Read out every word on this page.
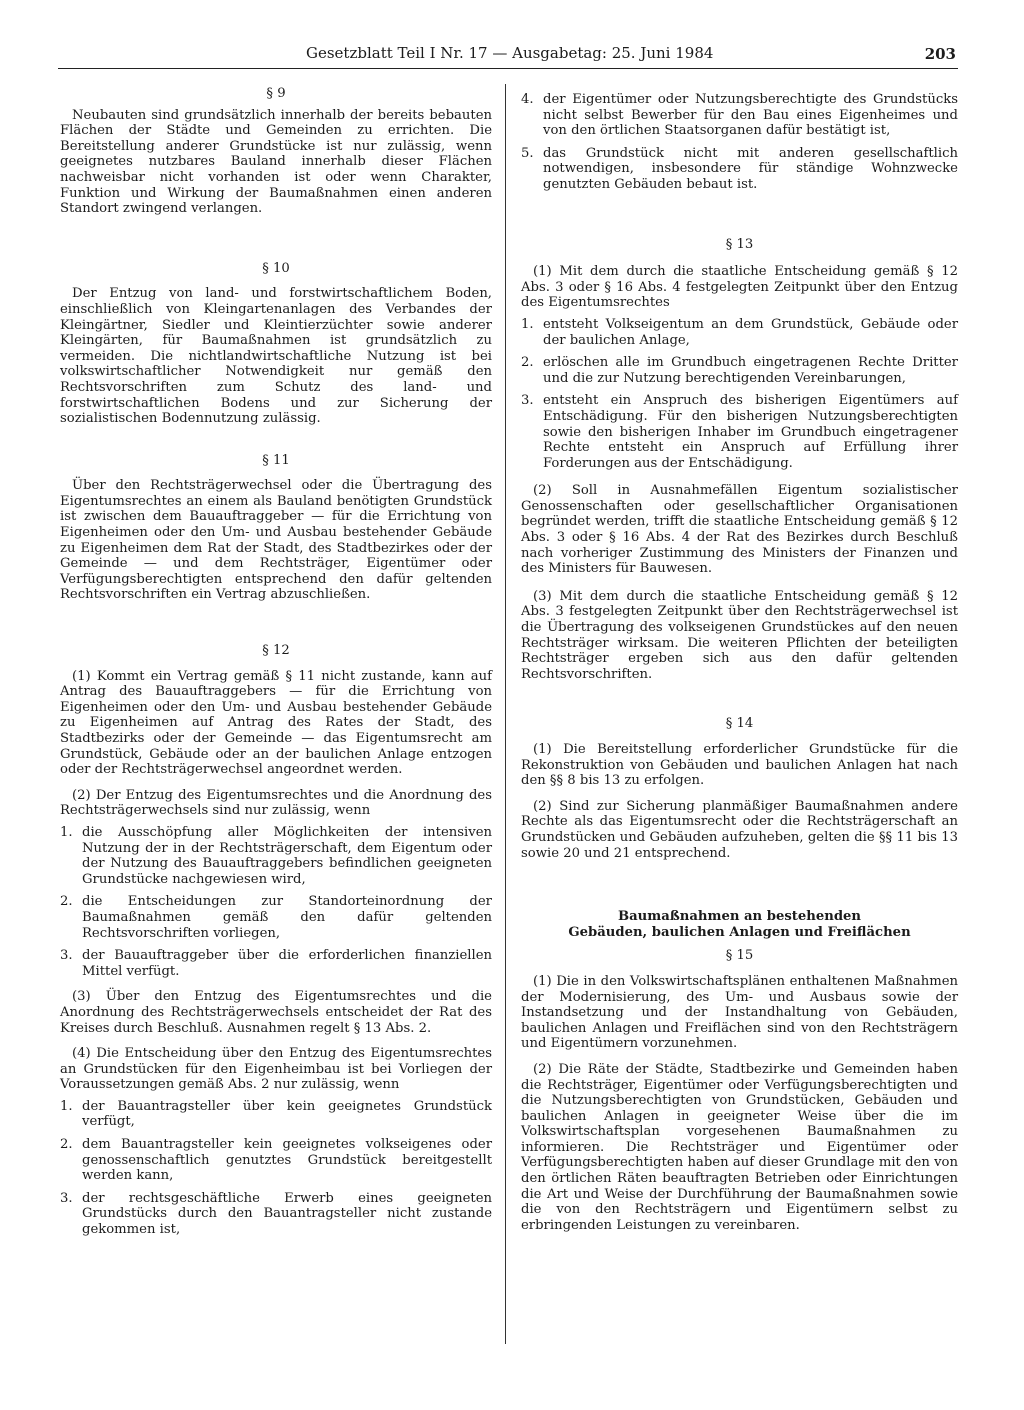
Gesetzblatt Teil I Nr. 17 — Ausgabetag: 25. Juni 1984	203
§ 9

Neubauten sind grundsätzlich innerhalb der bereits bebauten Flächen der Städte und Gemeinden zu errichten. Die Bereitstellung anderer Grundstücke ist nur zulässig, wenn geeignetes nutzbares Bauland innerhalb dieser Flächen nachweisbar nicht vorhanden ist oder wenn Charakter, Funktion und Wirkung der Baumaßnahmen einen anderen Standort zwingend verlangen.

§ 10

Der Entzug von land- und forstwirtschaftlichem Boden, einschließlich von Kleingartenanlagen des Verbandes der Kleingärtner, Siedler und Kleintierzüchter sowie anderer Kleingärten, für Baumaßnahmen ist grundsätzlich zu vermeiden. Die nichtlandwirtschaftliche Nutzung ist bei volkswirtschaftlicher Notwendigkeit nur gemäß den Rechtsvorschriften zum Schutz des land- und forstwirtschaftlichen Bodens und zur Sicherung der sozialistischen Bodennutzung zulässig.

§ 11

Über den Rechtsträgerwechsel oder die Übertragung des Eigentumsrechtes an einem als Bauland benötigten Grundstück ist zwischen dem Bauauftraggeber — für die Errichtung von Eigenheimen oder den Um- und Ausbau bestehender Gebäude zu Eigenheimen dem Rat der Stadt, des Stadtbezirkes oder der Gemeinde — und dem Rechtsträger, Eigentümer oder Verfügungsberechtigten entsprechend den dafür geltenden Rechtsvorschriften ein Vertrag abzuschließen.

§ 12

(1) Kommt ein Vertrag gemäß § 11 nicht zustande, kann auf Antrag des Bauauftraggebers — für die Errichtung von Eigenheimen oder den Um- und Ausbau bestehender Gebäude zu Eigenheimen auf Antrag des Rates der Stadt, des Stadtbezirks oder der Gemeinde — das Eigentumsrecht am Grundstück, Gebäude oder an der baulichen Anlage entzogen oder der Rechtsträgerwechsel angeordnet werden.

(2) Der Entzug des Eigentumsrechtes und die Anordnung des Rechtsträgerwechsels sind nur zulässig, wenn

1. die Ausschöpfung aller Möglichkeiten der intensiven Nutzung der in der Rechtsträgerschaft, dem Eigentum oder der Nutzung des Bauauftraggebers befindlichen geeigneten Grundstücke nachgewiesen wird,
2. die Entscheidungen zur Standorteinordnung der Baumaßnahmen gemäß den dafür geltenden Rechtsvorschriften vorliegen,
3. der Bauauftraggeber über die erforderlichen finanziellen Mittel verfügt.

(3) Über den Entzug des Eigentumsrechtes und die Anordnung des Rechtsträgerwechsels entscheidet der Rat des Kreises durch Beschluß. Ausnahmen regelt § 13 Abs. 2.

(4) Die Entscheidung über den Entzug des Eigentumsrechtes an Grundstücken für den Eigenheimbau ist bei Vorliegen der Voraussetzungen gemäß Abs. 2 nur zulässig, wenn

1. der Bauantragsteller über kein geeignetes Grundstück verfügt,
2. dem Bauantragsteller kein geeignetes volkseigenes oder genossenschaftlich genutztes Grundstück bereitgestellt werden kann,
3. der rechtsgeschäftliche Erwerb eines geeigneten Grundstücks durch den Bauantragsteller nicht zustande gekommen ist,
4. der Eigentümer oder Nutzungsberechtigte des Grundstücks nicht selbst Bewerber für den Bau eines Eigenheimes und von den örtlichen Staatsorganen dafür bestätigt ist,
5. das Grundstück nicht mit anderen gesellschaftlich notwendigen, insbesondere für ständige Wohnzwecke genutzten Gebäuden bebaut ist.
§ 13

(1) Mit dem durch die staatliche Entscheidung gemäß § 12 Abs. 3 oder § 16 Abs. 4 festgelegten Zeitpunkt über den Entzug des Eigentumsrechtes

1. entsteht Volkseigentum an dem Grundstück, Gebäude oder der baulichen Anlage,
2. erlöschen alle im Grundbuch eingetragenen Rechte Dritter und die zur Nutzung berechtigenden Vereinbarungen,
3. entsteht ein Anspruch des bisherigen Eigentümers auf Entschädigung. Für den bisherigen Nutzungsberechtigten sowie den bisherigen Inhaber im Grundbuch eingetragener Rechte entsteht ein Anspruch auf Erfüllung ihrer Forderungen aus der Entschädigung.

(2) Soll in Ausnahmefällen Eigentum sozialistischer Genossenschaften oder gesellschaftlicher Organisationen begründet werden, trifft die staatliche Entscheidung gemäß § 12 Abs. 3 oder § 16 Abs. 4 der Rat des Bezirkes durch Beschluß nach vorheriger Zustimmung des Ministers der Finanzen und des Ministers für Bauwesen.

(3) Mit dem durch die staatliche Entscheidung gemäß § 12 Abs. 3 festgelegten Zeitpunkt über den Rechtsträgerwechsel ist die Übertragung des volkseigenen Grundstückes auf den neuen Rechtsträger wirksam. Die weiteren Pflichten der beteiligten Rechtsträger ergeben sich aus den dafür geltenden Rechtsvorschriften.

§ 14

(1) Die Bereitstellung erforderlicher Grundstücke für die Rekonstruktion von Gebäuden und baulichen Anlagen hat nach den §§ 8 bis 13 zu erfolgen.

(2) Sind zur Sicherung planmäßiger Baumaßnahmen andere Rechte als das Eigentumsrecht oder die Rechtsträgerschaft an Grundstücken und Gebäuden aufzuheben, gelten die §§ 11 bis 13 sowie 20 und 21 entsprechend.

Baumaßnahmen an bestehenden
Gebäuden, baulichen Anlagen und Freiflächen
§ 15

(1) Die in den Volkswirtschaftsplänen enthaltenen Maßnahmen der Modernisierung, des Um- und Ausbaus sowie der Instandsetzung und der Instandhaltung von Gebäuden, baulichen Anlagen und Freiflächen sind von den Rechtsträgern und Eigentümern vorzunehmen.

(2) Die Räte der Städte, Stadtbezirke und Gemeinden haben die Rechtsträger, Eigentümer oder Verfügungsberechtigten und die Nutzungsberechtigten von Grundstücken, Gebäuden und baulichen Anlagen in geeigneter Weise über die im Volkswirtschaftsplan vorgesehenen Baumaßnahmen zu informieren. Die Rechtsträger und Eigentümer oder Verfügungsberechtigten haben auf dieser Grundlage mit den von den örtlichen Räten beauftragten Betrieben oder Einrichtungen die Art und Weise der Durchführung der Baumaßnahmen sowie die von den Rechtsträgern und Eigentümern selbst zu erbringenden Leistungen zu vereinbaren.
